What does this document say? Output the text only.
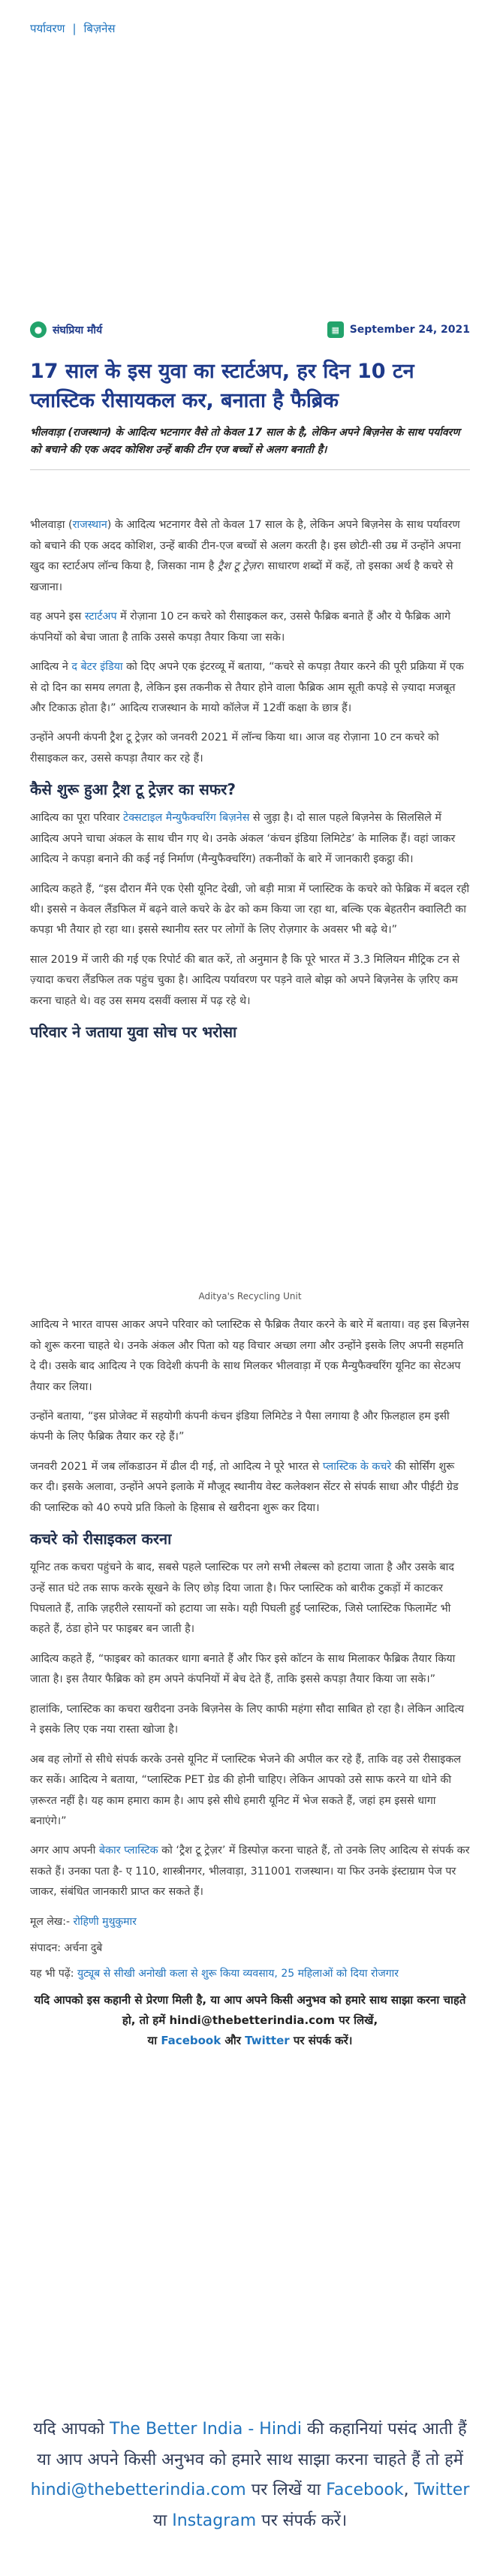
पर्यावरण | बिज़नेस
● संघप्रिया मौर्य	▦ September 24, 2021
17 साल के इस युवा का स्टार्टअप, हर दिन 10 टन प्लास्टिक रीसायकल कर, बनाता है फैब्रिक
भीलवाड़ा (राजस्थान) के आदित्य भटनागर वैसे तो केवल 17 साल के है, लेकिन अपने बिज़नेस के साथ पर्यावरण को बचाने की एक अदद कोशिश उन्हें बाकी टीन एज बच्चों से अलग बनाती है।

भीलवाड़ा (राजस्थान) के आदित्य भटनागर वैसे तो केवल 17 साल के है, लेकिन अपने बिज़नेस के साथ पर्यावरण को बचाने की एक अदद कोशिश, उन्हें बाकी टीन-एज बच्चों से अलग करती है। इस छोटी-सी उम्र में उन्होंने अपना खुद का स्टार्टअप लॉन्च किया है, जिसका नाम है ट्रैश टू ट्रेज़र। साधारण शब्दों में कहें, तो इसका अर्थ है कचरे से खजाना।

वह अपने इस स्टार्टअप में रोज़ाना 10 टन कचरे को रीसाइकल कर, उससे फैब्रिक बनाते हैं और ये फैब्रिक आगे कंपनियों को बेचा जाता है ताकि उससे कपड़ा तैयार किया जा सके।

आदित्य ने द बेटर इंडिया को दिए अपने एक इंटरव्यू में बताया, “कचरे से कपड़ा तैयार करने की पूरी प्रक्रिया में एक से दो दिन का समय लगता है, लेकिन इस तकनीक से तैयार होने वाला फैब्रिक आम सूती कपड़े से ज़्यादा मजबूत और टिकाऊ होता है।” आदित्य राजस्थान के मायो कॉलेज में 12वीं कक्षा के छात्र हैं।

उन्होंने अपनी कंपनी ट्रैश टू ट्रेज़र को जनवरी 2021 में लॉन्च किया था। आज वह रोज़ाना 10 टन कचरे को रीसाइकल कर, उससे कपड़ा तैयार कर रहे हैं।

कैसे शुरू हुआ ट्रैश टू ट्रेज़र का सफर?

आदित्य का पूरा परिवार टेक्सटाइल मैन्युफैक्चरिंग बिज़नेस से जुड़ा है। दो साल पहले बिज़नेस के सिलसिले में आदित्य अपने चाचा अंकल के साथ चीन गए थे। उनके अंकल ‘कंचन इंडिया लिमिटेड’ के मालिक हैं। वहां जाकर आदित्य ने कपड़ा बनाने की कई नई निर्माण (मैन्युफैक्चरिंग) तकनीकों के बारे में जानकारी इकट्ठा की।

आदित्य कहते हैं, “इस दौरान मैंने एक ऐसी यूनिट देखी, जो बड़ी मात्रा में प्लास्टिक के कचरे को फेब्रिक में बदल रही थी। इससे न केवल लैंडफिल में बढ़ने वाले कचरे के ढेर को कम किया जा रहा था, बल्कि एक बेहतरीन क्वालिटी का कपड़ा भी तैयार हो रहा था। इससे स्थानीय स्तर पर लोगों के लिए रोज़गार के अवसर भी बढ़े थे।”

साल 2019 में जारी की गई एक रिपोर्ट की बात करें, तो अनुमान है कि पूरे भारत में 3.3 मिलियन मीट्रिक टन से ज़्यादा कचरा लैंडफिल तक पहुंच चुका है। आदित्य पर्यावरण पर पड़ने वाले बोझ को अपने बिज़नेस के ज़रिए कम करना चाहते थे। वह उस समय दसवीं क्लास में पढ़ रहे थे।

परिवार ने जताया युवा सोच पर भरोसा
Aditya's Recycling Unit

आदित्य ने भारत वापस आकर अपने परिवार को प्लास्टिक से फैब्रिक तैयार करने के बारे में बताया। वह इस बिज़नेस को शुरू करना चाहते थे। उनके अंकल और पिता को यह विचार अच्छा लगा और उन्होंने इसके लिए अपनी सहमति दे दी। उसके बाद आदित्य ने एक विदेशी कंपनी के साथ मिलकर भीलवाड़ा में एक मैन्युफैक्चरिंग यूनिट का सेटअप तैयार कर लिया।

उन्होंने बताया, “इस प्रोजेक्ट में सहयोगी कंपनी कंचन इंडिया लिमिटेड ने पैसा लगाया है और फ़िलहाल हम इसी कंपनी के लिए फैब्रिक तैयार कर रहे हैं।”

जनवरी 2021 में जब लॉकडाउन में ढील दी गई, तो आदित्य ने पूरे भारत से प्लास्टिक के कचरे की सोर्सिंग शुरू कर दी। इसके अलावा, उन्होंने अपने इलाके में मौजूद स्थानीय वेस्ट कलेक्शन सेंटर से संपर्क साधा और पीईटी ग्रेड की प्लास्टिक को 40 रुपये प्रति किलो के हिसाब से खरीदना शुरू कर दिया।

कचरे को रीसाइकल करना

यूनिट तक कचरा पहुंचने के बाद, सबसे पहले प्लास्टिक पर लगे सभी लेबल्स को हटाया जाता है और उसके बाद उन्हें सात घंटे तक साफ करके सूखने के लिए छोड़ दिया जाता है। फिर प्लास्टिक को बारीक टुकड़ों में काटकर पिघलाते हैं, ताकि ज़हरीले रसायनों को हटाया जा सके। यही पिघली हुई प्लास्टिक, जिसे प्लास्टिक फिलामेंट भी कहते हैं, ठंडा होने पर फाइबर बन जाती है।

आदित्य कहते हैं, “फाइबर को कातकर धागा बनाते हैं और फिर इसे कॉटन के साथ मिलाकर फैब्रिक तैयार किया जाता है। इस तैयार फैब्रिक को हम अपने कंपनियों में बेच देते हैं, ताकि इससे कपड़ा तैयार किया जा सके।”

हालांकि, प्लास्टिक का कचरा खरीदना उनके बिज़नेस के लिए काफी महंगा सौदा साबित हो रहा है। लेकिन आदित्य ने इसके लिए एक नया रास्ता खोजा है।

अब वह लोगों से सीधे संपर्क करके उनसे यूनिट में प्लास्टिक भेजने की अपील कर रहे हैं, ताकि वह उसे रीसाइकल कर सकें। आदित्य ने बताया, “प्लास्टिक PET ग्रेड की होनी चाहिए। लेकिन आपको उसे साफ करने या धोने की ज़रूरत नहीं है। यह काम हमारा काम है। आप इसे सीधे हमारी यूनिट में भेज सकते हैं, जहां हम इससे धागा बनाएंगे।”

अगर आप अपनी बेकार प्लास्टिक को ‘ट्रैश टू ट्रेज़र’ में डिस्पोज़ करना चाहते हैं, तो उनके लिए आदित्य से संपर्क कर सकते हैं। उनका पता है- ए 110, शास्त्रीनगर, भीलवाड़ा, 311001 राजस्थान। या फिर उनके इंस्टाग्राम पेज पर जाकर, संबंधित जानकारी प्राप्त कर सकते हैं।

मूल लेख:- रोहिणी मुथुकुमार

संपादन: अर्चना दुबे

यह भी पढ़ें: युट्यूब से सीखी अनोखी कला से शुरू किया व्यवसाय, 25 महिलाओं को दिया रोजगार

यदि आपको इस कहानी से प्रेरणा मिली है, या आप अपने किसी अनुभव को हमारे साथ साझा करना चाहते हो, तो हमें hindi@thebetterindia.com पर लिखें,
या Facebook और Twitter पर संपर्क करें।
यदि आपको The Better India - Hindi की कहानियां पसंद आती हैं या आप अपने किसी अनुभव को हमारे साथ साझा करना चाहते हैं तो हमें hindi@thebetterindia.com पर लिखें या Facebook, Twitter या Instagram पर संपर्क करें।
